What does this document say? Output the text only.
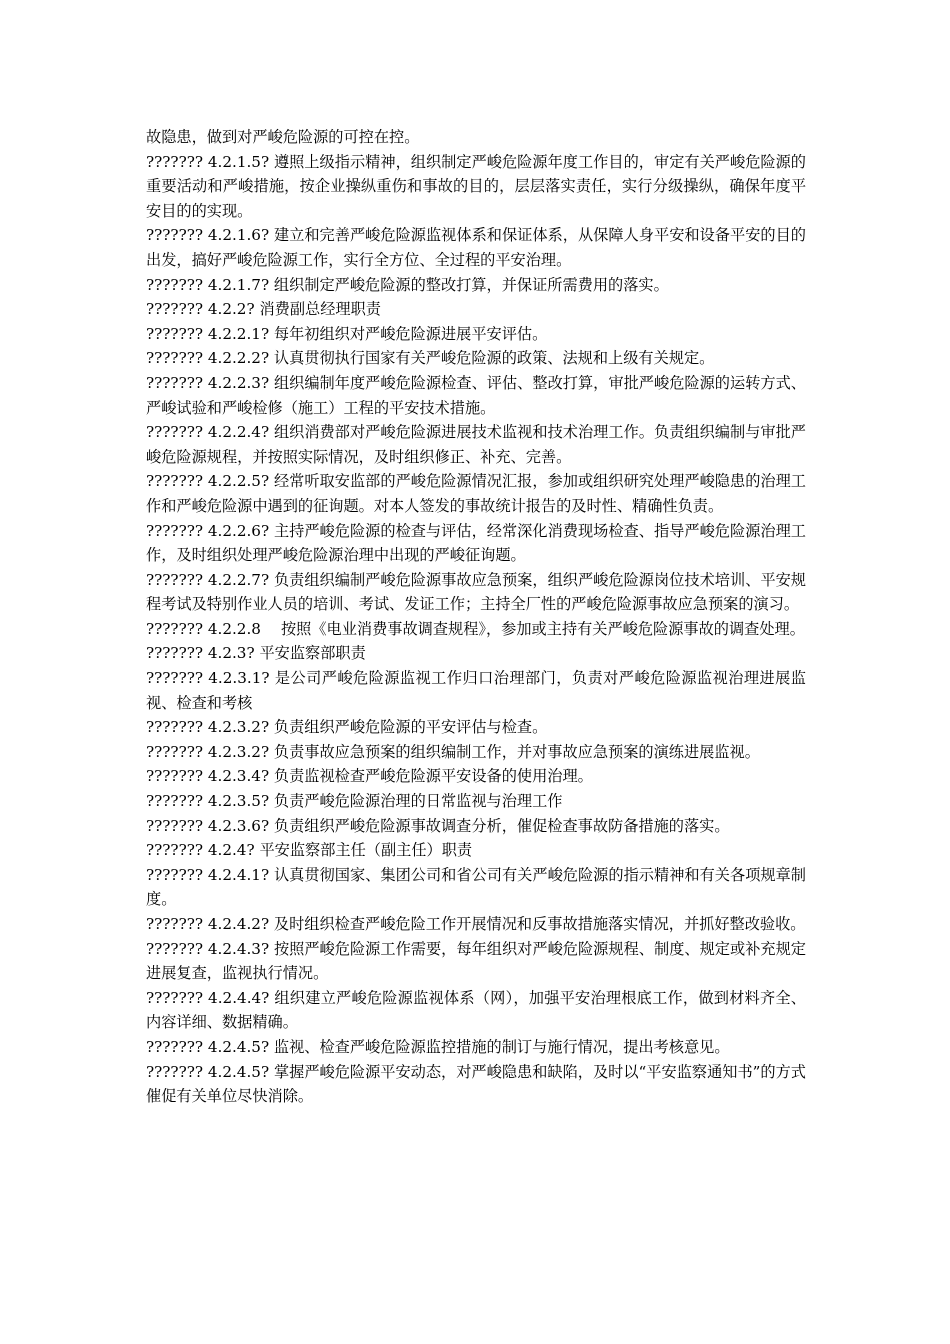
故隐患，做到对严峻危险源的可控在控。

??????? 4.2.1.5? 遵照上级指示精神，组织制定严峻危险源年度工作目的，审定有关严峻危险源的重要活动和严峻措施，按企业操纵重伤和事故的目的，层层落实责任，实行分级操纵，确保年度平安目的的实现。

??????? 4.2.1.6? 建立和完善严峻危险源监视体系和保证体系，从保障人身平安和设备平安的目的出发，搞好严峻危险源工作，实行全方位、全过程的平安治理。

??????? 4.2.1.7? 组织制定严峻危险源的整改打算，并保证所需费用的落实。

??????? 4.2.2? 消费副总经理职责

??????? 4.2.2.1? 每年初组织对严峻危险源进展平安评估。

??????? 4.2.2.2? 认真贯彻执行国家有关严峻危险源的政策、法规和上级有关规定。

??????? 4.2.2.3? 组织编制年度严峻危险源检查、评估、整改打算，审批严峻危险源的运转方式、严峻试验和严峻检修（施工）工程的平安技术措施。

??????? 4.2.2.4? 组织消费部对严峻危险源进展技术监视和技术治理工作。负责组织编制与审批严峻危险源规程，并按照实际情况，及时组织修正、补充、完善。

??????? 4.2.2.5? 经常听取安监部的严峻危险源情况汇报，参加或组织研究处理严峻隐患的治理工作和严峻危险源中遇到的征询题。对本人签发的事故统计报告的及时性、精确性负责。

??????? 4.2.2.6? 主持严峻危险源的检查与评估，经常深化消费现场检查、指导严峻危险源治理工作，及时组织处理严峻危险源治理中出现的严峻征询题。

??????? 4.2.2.7? 负责组织编制严峻危险源事故应急预案，组织严峻危险源岗位技术培训、平安规程考试及特别作业人员的培训、考试、发证工作；主持全厂性的严峻危险源事故应急预案的演习。

??????? 4.2.2.8　 按照《电业消费事故调查规程》，参加或主持有关严峻危险源事故的调查处理。

??????? 4.2.3? 平安监察部职责

??????? 4.2.3.1? 是公司严峻危险源监视工作归口治理部门，负责对严峻危险源监视治理进展监视、检查和考核

??????? 4.2.3.2? 负责组织严峻危险源的平安评估与检查。

??????? 4.2.3.2? 负责事故应急预案的组织编制工作，并对事故应急预案的演练进展监视。

??????? 4.2.3.4? 负责监视检查严峻危险源平安设备的使用治理。

??????? 4.2.3.5? 负责严峻危险源治理的日常监视与治理工作

??????? 4.2.3.6? 负责组织严峻危险源事故调查分析，催促检查事故防备措施的落实。

??????? 4.2.4? 平安监察部主任（副主任）职责

??????? 4.2.4.1? 认真贯彻国家、集团公司和省公司有关严峻危险源的指示精神和有关各项规章制度。

??????? 4.2.4.2? 及时组织检查严峻危险工作开展情况和反事故措施落实情况，并抓好整改验收。

??????? 4.2.4.3? 按照严峻危险源工作需要，每年组织对严峻危险源规程、制度、规定或补充规定进展复查，监视执行情况。

??????? 4.2.4.4? 组织建立严峻危险源监视体系（网），加强平安治理根底工作，做到材料齐全、内容详细、数据精确。

??????? 4.2.4.5? 监视、检查严峻危险源监控措施的制订与施行情况，提出考核意见。

??????? 4.2.4.5? 掌握严峻危险源平安动态，对严峻隐患和缺陷，及时以“平安监察通知书”的方式催促有关单位尽快消除。
